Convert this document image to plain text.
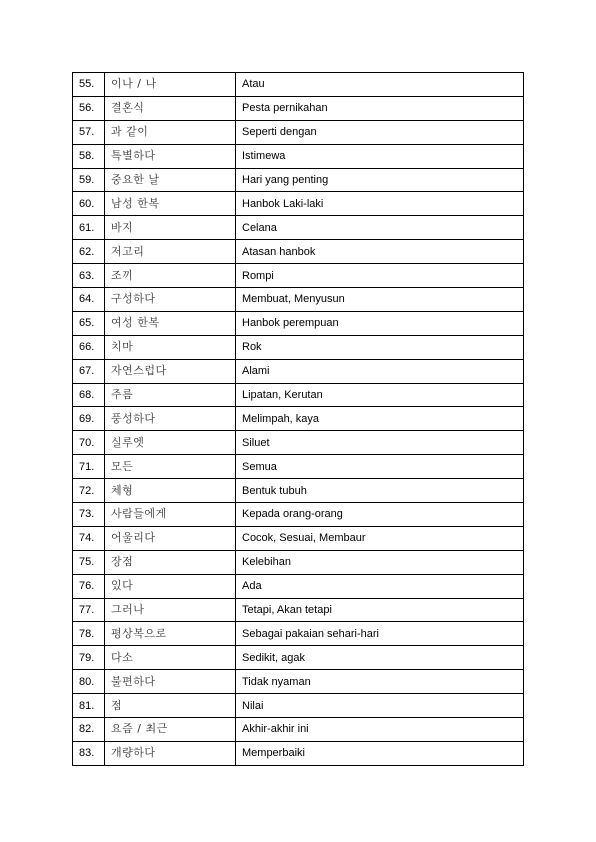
55.	이나 / 나	Atau
56.	결혼식	Pesta pernikahan
57.	과 같이	Seperti dengan
58.	특별하다	Istimewa
59.	중요한 날	Hari yang penting
60.	남성 한복	Hanbok Laki-laki
61.	바지	Celana
62.	저고리	Atasan hanbok
63.	조끼	Rompi
64.	구성하다	Membuat, Menyusun
65.	여성 한복	Hanbok perempuan
66.	치마	Rok
67.	자연스럽다	Alami
68.	주름	Lipatan, Kerutan
69.	풍성하다	Melimpah, kaya
70.	실루엣	Siluet
71.	모든	Semua
72.	체형	Bentuk tubuh
73.	사람들에게	Kepada orang-orang
74.	어울리다	Cocok, Sesuai, Membaur
75.	장점	Kelebihan
76.	있다	Ada
77.	그러나	Tetapi, Akan tetapi
78.	평상복으로	Sebagai pakaian sehari-hari
79.	다소	Sedikit, agak
80.	불편하다	Tidak nyaman
81.	점	Nilai
82.	요즘 / 최근	Akhir-akhir ini
83.	개량하다	Memperbaiki
